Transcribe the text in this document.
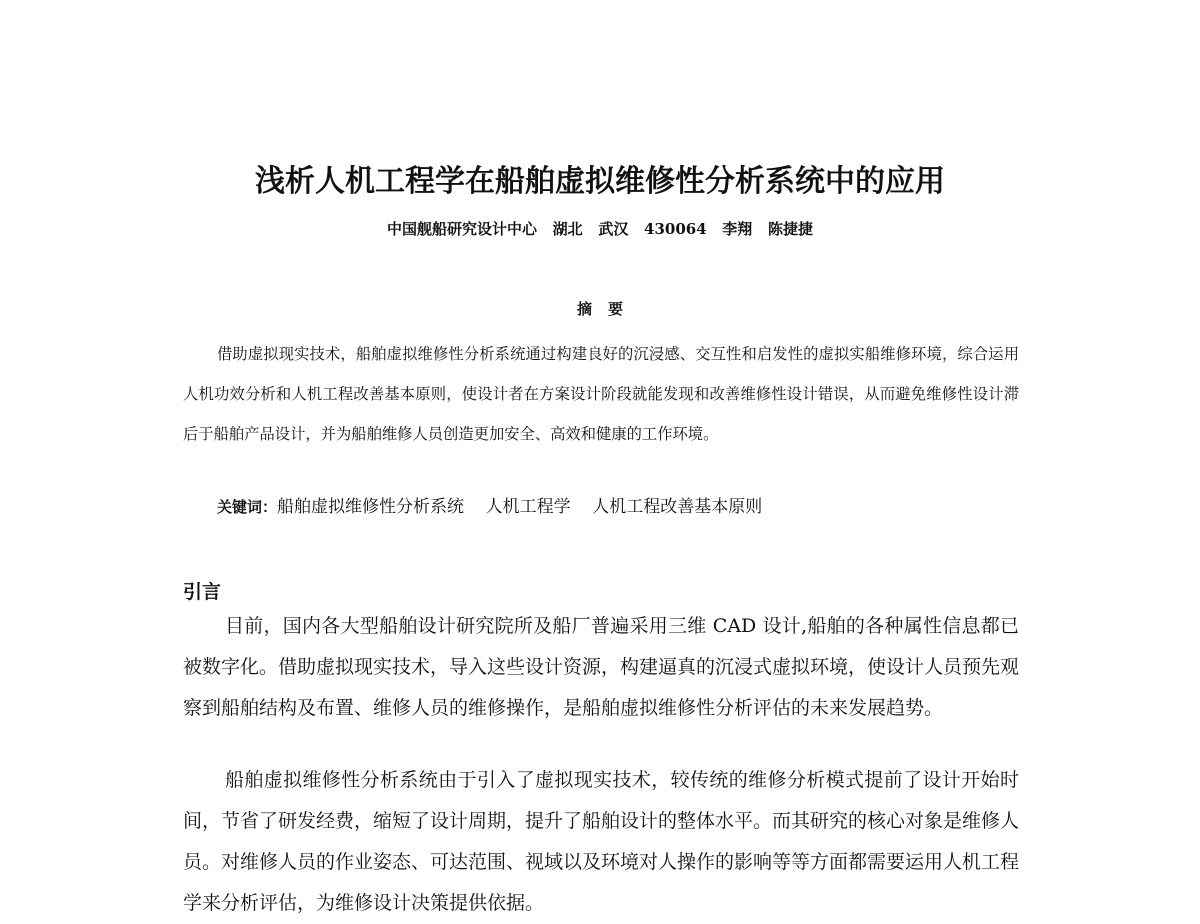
浅析人机工程学在船舶虚拟维修性分析系统中的应用
中国舰船研究设计中心   湖北   武汉   430064   李翔   陈捷捷
摘要

借助虚拟现实技术，船舶虚拟维修性分析系统通过构建良好的沉浸感、交互性和启发性的虚拟实船维修环境，综合运用人机功效分析和人机工程改善基本原则，使设计者在方案设计阶段就能发现和改善维修性设计错误，从而避免维修性设计滞后于船舶产品设计，并为船舶维修人员创造更加安全、高效和健康的工作环境。

关键词：船舶虚拟维修性分析系统    人机工程学    人机工程改善基本原则
引言

目前，国内各大型船舶设计研究院所及船厂普遍采用三维 CAD 设计,船舶的各种属性信息都已被数字化。借助虚拟现实技术，导入这些设计资源，构建逼真的沉浸式虚拟环境，使设计人员预先观察到船舶结构及布置、维修人员的维修操作，是船舶虚拟维修性分析评估的未来发展趋势。

船舶虚拟维修性分析系统由于引入了虚拟现实技术，较传统的维修分析模式提前了设计开始时间，节省了研发经费，缩短了设计周期，提升了船舶设计的整体水平。而其研究的核心对象是维修人员。对维修人员的作业姿态、可达范围、视域以及环境对人操作的影响等等方面都需要运用人机工程学来分析评估，为维修设计决策提供依据。
